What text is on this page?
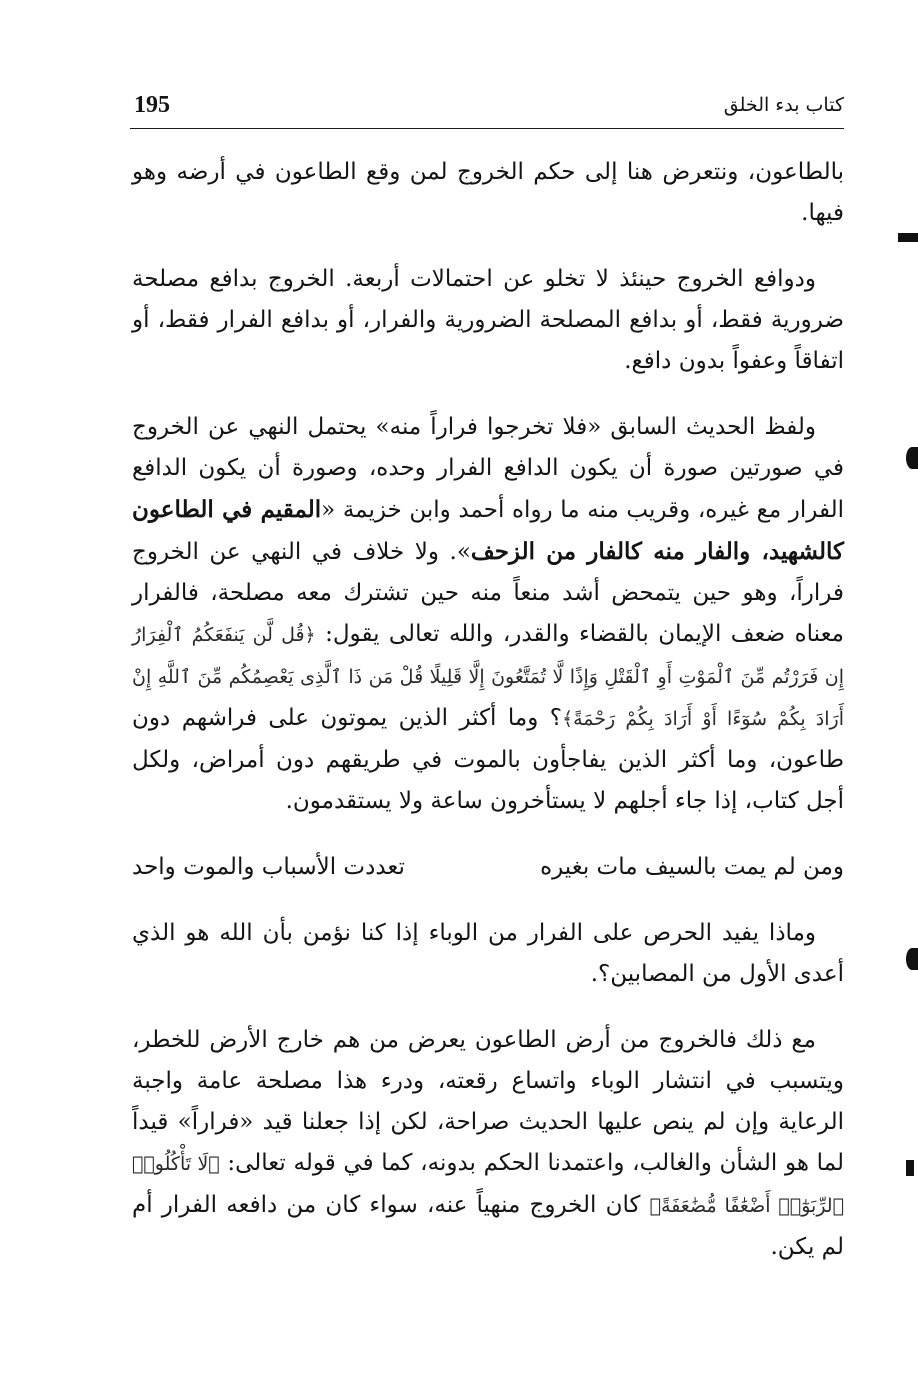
195	كتاب بدء الخلق

بالطاعون، ونتعرض هنا إلى حكم الخروج لمن وقع الطاعون في أرضه وهو فيها.

ودوافع الخروج حينئذ لا تخلو عن احتمالات أربعة. الخروج بدافع مصلحة ضرورية فقط، أو بدافع المصلحة الضرورية والفرار، أو بدافع الفرار فقط، أو اتفاقاً وعفواً بدون دافع.

ولفظ الحديث السابق «فلا تخرجوا فراراً منه» يحتمل النهي عن الخروج في صورتين صورة أن يكون الدافع الفرار وحده، وصورة أن يكون الدافع الفرار مع غيره، وقريب منه ما رواه أحمد وابن خزيمة «المقيم في الطاعون كالشهيد، والفار منه كالفار من الزحف». ولا خلاف في النهي عن الخروج فراراً، وهو حين يتمحض أشد منعاً منه حين تشترك معه مصلحة، فالفرار معناه ضعف الإيمان بالقضاء والقدر، والله تعالى يقول: ﴿قُل لَّن يَنفَعَكُمُ ٱلْفِرَارُ إِن فَرَرْتُم مِّنَ ٱلْمَوْتِ أَوِ ٱلْقَتْلِ وَإِذًا لَّا تُمَتَّعُونَ إِلَّا قَلِيلًا قُلْ مَن ذَا ٱلَّذِى يَعْصِمُكُم مِّنَ ٱللَّهِ إِنْ أَرَادَ بِكُمْ سُوٓءًا أَوْ أَرَادَ بِكُمْ رَحْمَةً﴾؟ وما أكثر الذين يموتون على فراشهم دون طاعون، وما أكثر الذين يفاجأون بالموت في طريقهم دون أمراض، ولكل أجل كتاب، إذا جاء أجلهم لا يستأخرون ساعة ولا يستقدمون.

ومن لم يمت بالسيف مات بغيره
تعددت الأسباب والموت واحد

وماذا يفيد الحرص على الفرار من الوباء إذا كنا نؤمن بأن الله هو الذي أعدى الأول من المصابين؟.

مع ذلك فالخروج من أرض الطاعون يعرض من هم خارج الأرض للخطر، ويتسبب في انتشار الوباء واتساع رقعته، ودرء هذا مصلحة عامة واجبة الرعاية وإن لم ينص عليها الحديث صراحة، لكن إذا جعلنا قيد «فراراً» قيداً لما هو الشأن والغالب، واعتمدنا الحكم بدونه، كما في قوله تعالى: ﴿لَا تَأْكُلُوا۟ ٱلرِّبَوٰٓا۟ أَضْعَٰفًا مُّضَٰعَفَةً﴾ كان الخروج منهياً عنه، سواء كان من دافعه الفرار أم لم يكن.
